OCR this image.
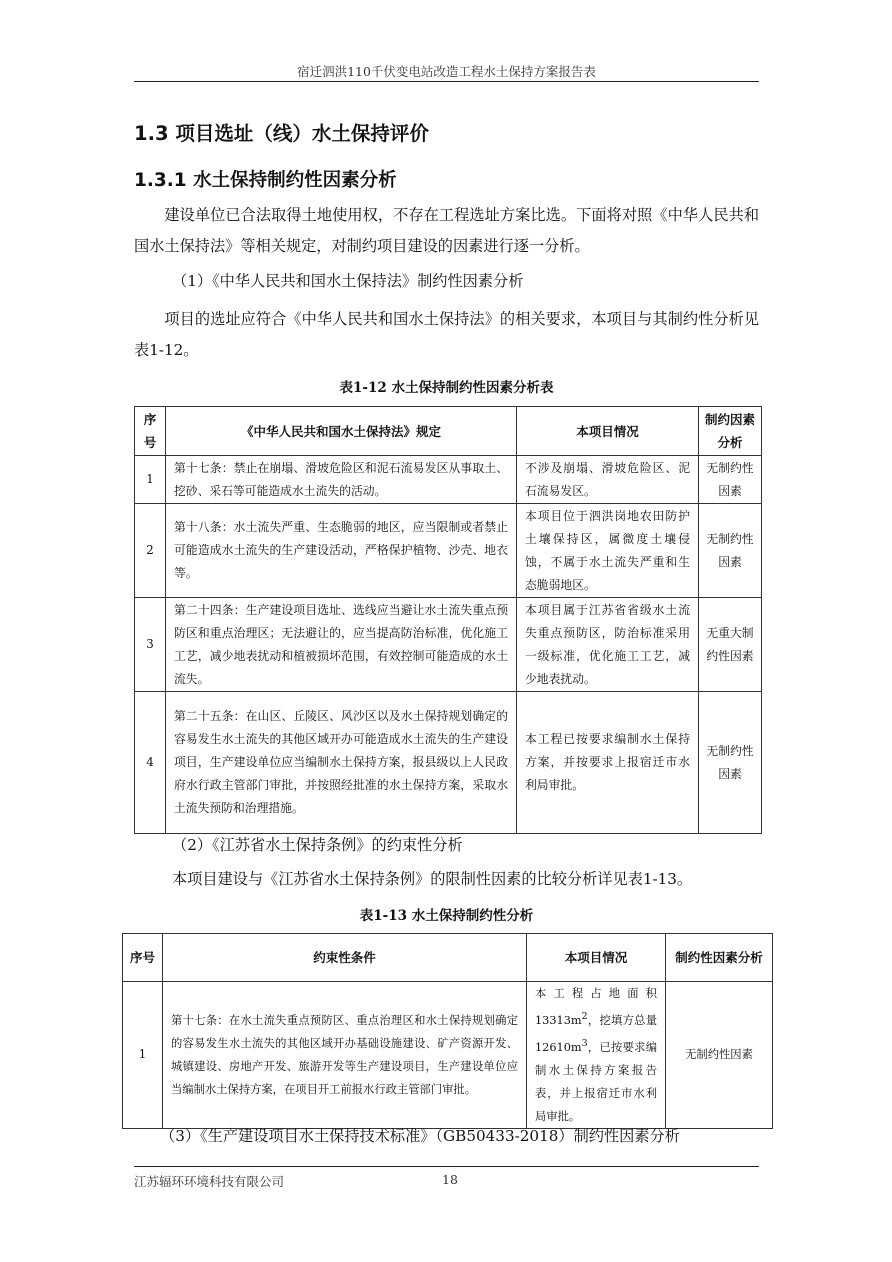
宿迁泗洪110千伏变电站改造工程水土保持方案报告表
1.3 项目选址（线）水土保持评价
1.3.1 水土保持制约性因素分析

建设单位已合法取得土地使用权，不存在工程选址方案比选。下面将对照《中华人民共和国水土保持法》等相关规定，对制约项目建设的因素进行逐一分析。

（1）《中华人民共和国水土保持法》制约性因素分析

项目的选址应符合《中华人民共和国水土保持法》的相关要求，本项目与其制约性分析见表1-12。

表1-12 水土保持制约性因素分析表
序号	《中华人民共和国水土保持法》规定	本项目情况	制约因素分析
1	第十七条：禁止在崩塌、滑坡危险区和泥石流易发区从事取土、挖砂、采石等可能造成水土流失的活动。	不涉及崩塌、滑坡危险区、泥石流易发区。	无制约性因素
2	第十八条：水土流失严重、生态脆弱的地区，应当限制或者禁止可能造成水土流失的生产建设活动，严格保护植物、沙壳、地衣等。	本项目位于泗洪岗地农田防护土壤保持区，属微度土壤侵蚀，不属于水土流失严重和生态脆弱地区。	无制约性因素
3	第二十四条：生产建设项目选址、选线应当避让水土流失重点预防区和重点治理区；无法避让的，应当提高防治标准，优化施工工艺，减少地表扰动和植被损坏范围，有效控制可能造成的水土流失。	本项目属于江苏省省级水土流失重点预防区，防治标准采用一级标准，优化施工工艺，减少地表扰动。	无重大制约性因素
4	第二十五条：在山区、丘陵区、风沙区以及水土保持规划确定的容易发生水土流失的其他区域开办可能造成水土流失的生产建设项目，生产建设单位应当编制水土保持方案，报县级以上人民政府水行政主管部门审批，并按照经批准的水土保持方案，采取水土流失预防和治理措施。	本工程已按要求编制水土保持方案，并按要求上报宿迁市水利局审批。	无制约性因素
（2）《江苏省水土保持条例》的约束性分析
本项目建设与《江苏省水土保持条例》的限制性因素的比较分析详见表1-13。
表1-13 水土保持制约性分析
序号	约束性条件	本项目情况	制约性因素分析
1	第十七条：在水土流失重点预防区、重点治理区和水土保持规划确定的容易发生水土流失的其他区域开办基础设施建设、矿产资源开发、城镇建设、房地产开发、旅游开发等生产建设项目，生产建设单位应当编制水土保持方案，在项目开工前报水行政主管部门审批。	本工程占地面积$13313m^2$，挖填方总量$12610m^3$，已按要求编制水土保持方案报告表，并上报宿迁市水利局审批。	无制约性因素
（3）《生产建设项目水土保持技术标准》（GB50433-2018）制约性因素分析
江苏辐环环境科技有限公司	18
